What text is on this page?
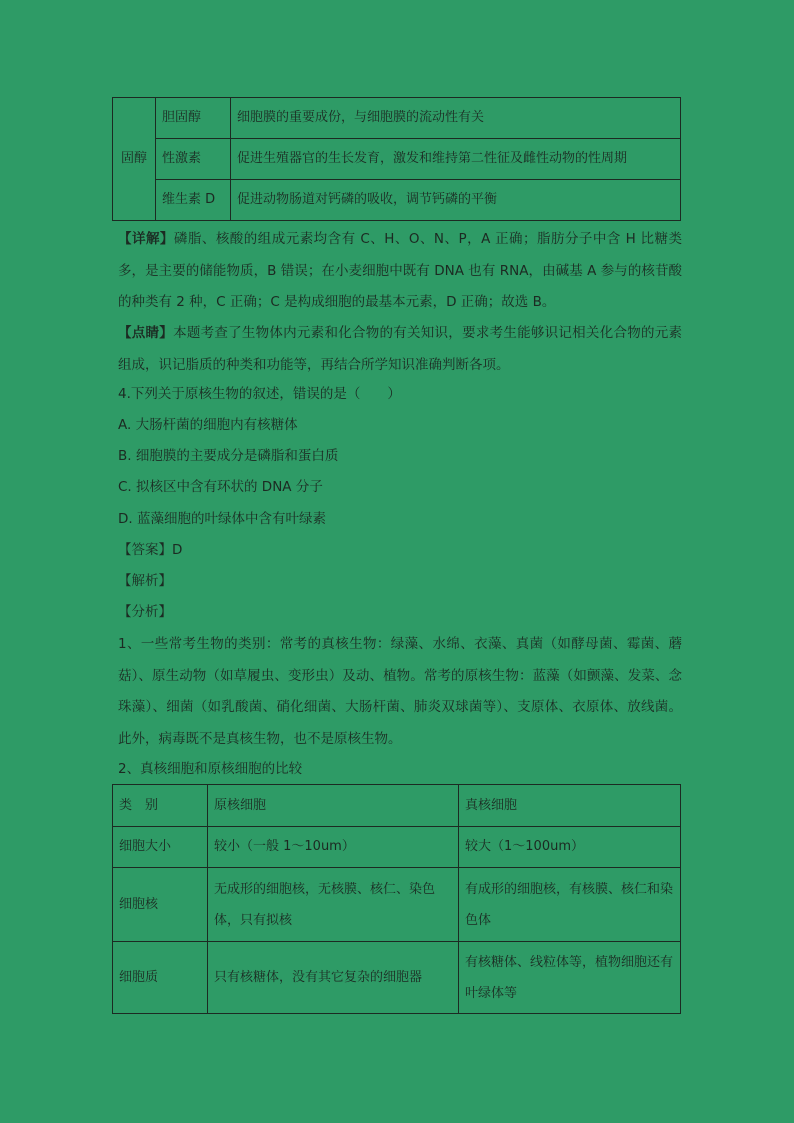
固醇	胆固醇	细胞膜的重要成份，与细胞膜的流动性有关
	性激素	促进生殖器官的生长发育，激发和维持第二性征及雌性动物的性周期
	维生素 D	促进动物肠道对钙磷的吸收，调节钙磷的平衡

【详解】磷脂、核酸的组成元素均含有 C、H、O、N、P，A 正确；脂肪分子中含 H 比糖类多，是主要的储能物质，B 错误；在小麦细胞中既有 DNA 也有 RNA，由碱基 A 参与的核苷酸的种类有 2 种，C 正确；C 是构成细胞的最基本元素，D 正确；故选 B。

【点睛】本题考查了生物体内元素和化合物的有关知识，要求考生能够识记相关化合物的元素组成，识记脂质的种类和功能等，再结合所学知识准确判断各项。

4.下列关于原核生物的叙述，错误的是（　　）

A. 大肠杆菌的细胞内有核糖体

B. 细胞膜的主要成分是磷脂和蛋白质

C. 拟核区中含有环状的 DNA 分子

D. 蓝藻细胞的叶绿体中含有叶绿素

【答案】D

【解析】

【分析】

1、一些常考生物的类别：常考的真核生物：绿藻、水绵、衣藻、真菌（如酵母菌、霉菌、蘑菇）、原生动物（如草履虫、变形虫）及动、植物。常考的原核生物：蓝藻（如颤藻、发菜、念珠藻）、细菌（如乳酸菌、硝化细菌、大肠杆菌、肺炎双球菌等）、支原体、衣原体、放线菌。此外，病毒既不是真核生物，也不是原核生物。

2、真核细胞和原核细胞的比较

类　别	原核细胞	真核细胞
细胞大小	较小（一般 1～10um）	较大（1～100um）
细胞核	无成形的细胞核，无核膜、核仁、染色体，只有拟核	有成形的细胞核，有核膜、核仁和染色体
细胞质	只有核糖体，没有其它复杂的细胞器	有核糖体、线粒体等，植物细胞还有叶绿体等
